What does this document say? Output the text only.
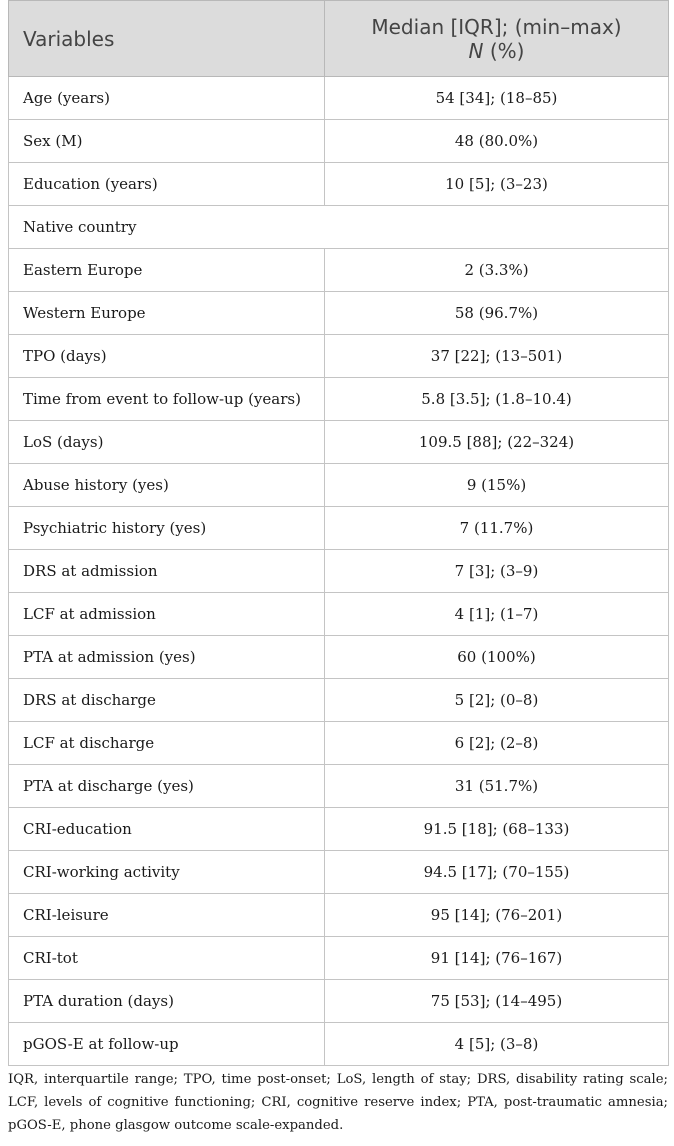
Variables	Median [IQR]; (min–max)
N (%)
Age (years)	54 [34]; (18–85)
Sex (M)	48 (80.0%)
Education (years)	10 [5]; (3–23)
Native country	
Eastern Europe	2 (3.3%)
Western Europe	58 (96.7%)
TPO (days)	37 [22]; (13–501)
Time from event to follow-up (years)	5.8 [3.5]; (1.8–10.4)
LoS (days)	109.5 [88]; (22–324)
Abuse history (yes)	9 (15%)
Psychiatric history (yes)	7 (11.7%)
DRS at admission	7 [3]; (3–9)
LCF at admission	4 [1]; (1–7)
PTA at admission (yes)	60 (100%)
DRS at discharge	5 [2]; (0–8)
LCF at discharge	6 [2]; (2–8)
PTA at discharge (yes)	31 (51.7%)
CRI-education	91.5 [18]; (68–133)
CRI-working activity	94.5 [17]; (70–155)
CRI-leisure	95 [14]; (76–201)
CRI-tot	91 [14]; (76–167)
PTA duration (days)	75 [53]; (14–495)
pGOS-E at follow-up	4 [5]; (3–8)

IQR, interquartile range; TPO, time post-onset; LoS, length of stay; DRS, disability rating scale; LCF, levels of cognitive functioning; CRI, cognitive reserve index; PTA, post-traumatic amnesia; pGOS-E, phone glasgow outcome scale-expanded.
